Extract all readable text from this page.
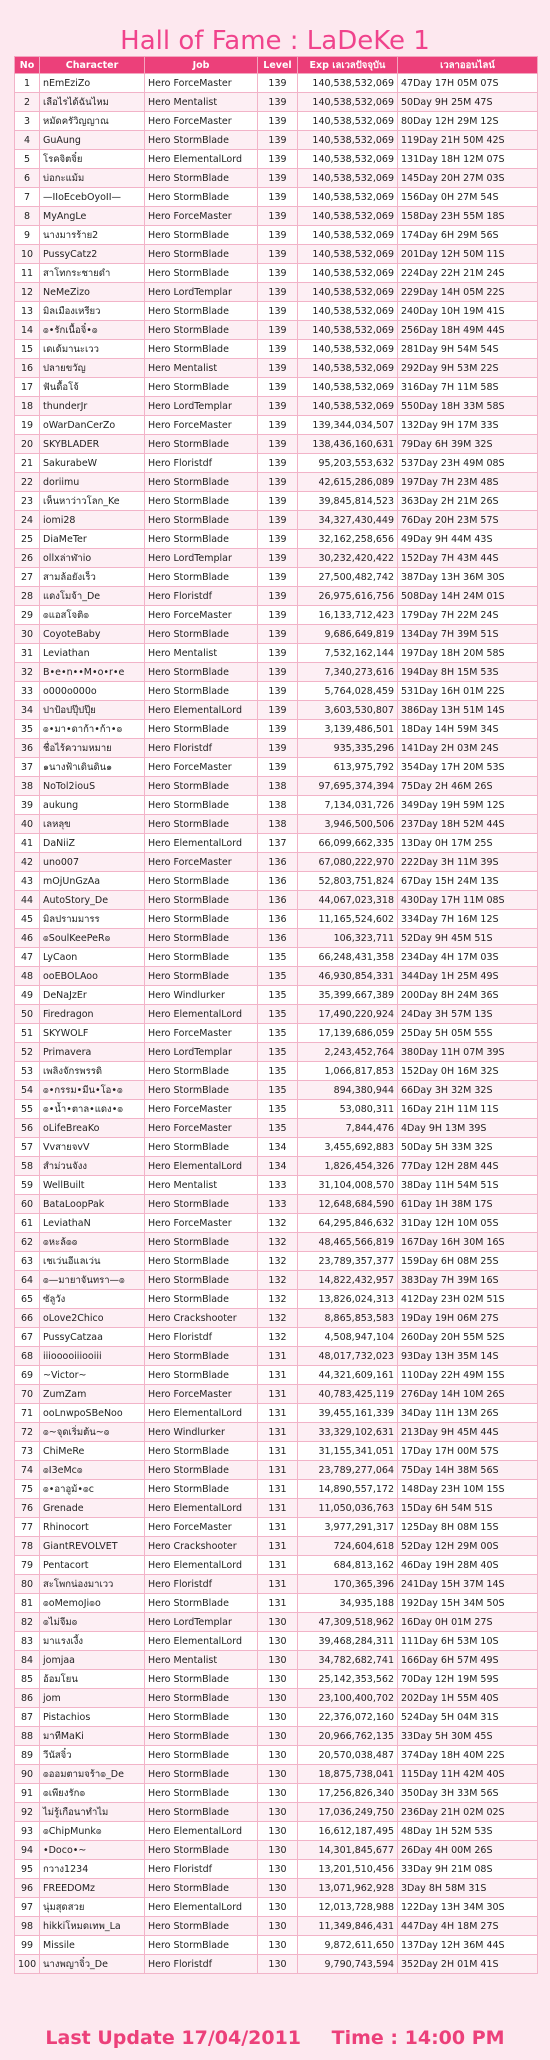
Hall of Fame : LaDeKe 1
No	Character	Job	Level	Exp เลเวลปัจจุบัน	เวลาออนไลน์
1	nEmEziZo	Hero ForceMaster	139	140,538,532,069	47Day 17H 05M 07S
2	เลือไรได้ฉันไหม	Hero Mentalist	139	140,538,532,069	50Day 9H 25M 47S
3	หมัดครัวิญญาณ	Hero ForceMaster	139	140,538,532,069	80Day 12H 29M 12S
4	GuAung	Hero StormBlade	139	140,538,532,069	119Day 21H 50M 42S
5	โรคจิตจิ๋ย	Hero ElementalLord	139	140,538,532,069	131Day 18H 12M 07S
6	บ่อกะแม้ม	Hero StormBlade	139	140,538,532,069	145Day 20H 27M 03S
7	—IIoEcebOyoII—	Hero StormBlade	139	140,538,532,069	156Day 0H 27M 54S
8	MyAngLe	Hero ForceMaster	139	140,538,532,069	158Day 23H 55M 18S
9	นางมารร้าย2	Hero StormBlade	139	140,538,532,069	174Day 6H 29M 56S
10	PussyCatz2	Hero StormBlade	139	140,538,532,069	201Day 12H 50M 11S
11	สาโทกระชายดำ	Hero StormBlade	139	140,538,532,069	224Day 22H 21M 24S
12	NeMeZizo	Hero LordTemplar	139	140,538,532,069	229Day 14H 05M 22S
13	มิลเมืองเหรียว	Hero StormBlade	139	140,538,532,069	240Day 10H 19M 41S
14	๏•รักเนื้อจิ๋•๏	Hero StormBlade	139	140,538,532,069	256Day 18H 49M 44S
15	เดเด้มานะเวว	Hero StormBlade	139	140,538,532,069	281Day 9H 54M 54S
16	ปลายขวัญ	Hero Mentalist	139	140,538,532,069	292Day 9H 53M 22S
17	ฟันดื้อโจ้	Hero StormBlade	139	140,538,532,069	316Day 7H 11M 58S
18	thunderJr	Hero LordTemplar	139	140,538,532,069	550Day 18H 33M 58S
19	oWarDanCerZo	Hero ForceMaster	139	139,344,034,507	132Day 9H 17M 33S
20	SKYBLADER	Hero StormBlade	139	138,436,160,631	79Day 6H 39M 32S
21	SakurabeW	Hero Floristdf	139	95,203,553,632	537Day 23H 49M 08S
22	doriimu	Hero StormBlade	139	42,615,286,089	197Day 7H 23M 48S
23	เห็นหาว่าวโลก_Ke	Hero StormBlade	139	39,845,814,523	363Day 2H 21M 26S
24	iomi28	Hero StormBlade	139	34,327,430,449	76Day 20H 23M 57S
25	DiaMeTer	Hero StormBlade	139	32,162,258,656	49Day 9H 44M 43S
26	ollxล่าฬ่าio	Hero LordTemplar	139	30,232,420,422	152Day 7H 43M 44S
27	สามล้อยังเร็ว	Hero StormBlade	139	27,500,482,742	387Day 13H 36M 30S
28	แดงโมจ้า_De	Hero Floristdf	139	26,975,616,756	508Day 14H 24M 01S
29	๏แอสโจติ๏	Hero ForceMaster	139	16,133,712,423	179Day 7H 22M 24S
30	CoyoteBaby	Hero StormBlade	139	9,686,649,819	134Day 7H 39M 51S
31	Leviathan	Hero Mentalist	139	7,532,162,144	197Day 18H 20M 58S
32	B•e•n••M•o•r•e	Hero StormBlade	139	7,340,273,616	194Day 8H 15M 53S
33	o000o000o	Hero StormBlade	139	5,764,028,459	531Day 16H 01M 22S
34	ปาป้อปปุ๊ปปุ๊ย	Hero ElementalLord	139	3,603,530,807	386Day 13H 51M 14S
35	๏•มา•ดาก้า•ก้า•๏	Hero StormBlade	139	3,139,486,501	18Day 14H 59M 34S
36	ชื่อไร้ความหมาย	Hero Floristdf	139	935,335,296	141Day 2H 03M 24S
37	๑นางฟ้าเดินดิน๑	Hero ForceMaster	139	613,975,792	354Day 17H 20M 53S
38	NoTol2iouS	Hero StormBlade	138	97,695,374,394	75Day 2H 46M 26S
39	aukung	Hero StormBlade	138	7,134,031,726	349Day 19H 59M 12S
40	เลหลุข	Hero StormBlade	138	3,946,500,506	237Day 18H 52M 44S
41	DaNiiZ	Hero ElementalLord	137	66,099,662,335	13Day 0H 17M 25S
42	uno007	Hero ForceMaster	136	67,080,222,970	222Day 3H 11M 39S
43	mOjUnGzAa	Hero StormBlade	136	52,803,751,824	67Day 15H 24M 13S
44	AutoStory_De	Hero StormBlade	136	44,067,023,318	430Day 17H 11M 08S
45	มิลปรามมารร	Hero StormBlade	136	11,165,524,602	334Day 7H 16M 12S
46	๏SoulKeePeR๏	Hero StormBlade	136	106,323,711	52Day 9H 45M 51S
47	LyCaon	Hero StormBlade	135	66,248,431,358	234Day 4H 17M 03S
48	ooEBOLAoo	Hero StormBlade	135	46,930,854,331	344Day 1H 25M 49S
49	DeNaJzEr	Hero Windlurker	135	35,399,667,389	200Day 8H 24M 36S
50	Firedragon	Hero ElementalLord	135	17,490,220,924	24Day 3H 57M 13S
51	SKYWOLF	Hero ForceMaster	135	17,139,686,059	25Day 5H 05M 55S
52	Primavera	Hero LordTemplar	135	2,243,452,764	380Day 11H 07M 39S
53	เพลิงจักรพรรดิ	Hero StormBlade	135	1,066,817,853	152Day 0H 16M 32S
54	๏•กรรม•มีน•โอ•๏	Hero StormBlade	135	894,380,944	66Day 3H 32M 32S
55	๏•น้ำ•ตาล•แดง•๏	Hero ForceMaster	135	53,080,311	16Day 21H 11M 11S
56	oLifeBreaKo	Hero ForceMaster	135	7,844,476	4Day 9H 13M 39S
57	VvสายจvV	Hero StormBlade	134	3,455,692,883	50Day 5H 33M 32S
58	สำม่วนจังง	Hero ElementalLord	134	1,826,454,326	77Day 12H 28M 44S
59	WellBuilt	Hero Mentalist	133	31,104,008,570	38Day 11H 54M 51S
60	BataLoopPak	Hero StormBlade	133	12,648,684,590	61Day 1H 38M 17S
61	LeviathaN	Hero ForceMaster	132	64,295,846,632	31Day 12H 10M 05S
62	๏หะล้๏๏	Hero StormBlade	132	48,465,566,819	167Day 16H 30M 16S
63	เชเว่นอีแลเว่น	Hero StormBlade	132	23,789,357,377	159Day 6H 08M 25S
64	๏—มายาจันทรา—๏	Hero StormBlade	132	14,822,432,957	383Day 7H 39M 16S
65	ซัลูวัง	Hero StormBlade	132	13,826,024,313	412Day 23H 02M 51S
66	oLove2Chico	Hero Crackshooter	132	8,865,853,583	19Day 19H 06M 27S
67	PussyCatzaa	Hero Floristdf	132	4,508,947,104	260Day 20H 55M 52S
68	iiiooooiiiooiii	Hero StormBlade	131	48,017,732,023	93Day 13H 35M 14S
69	~Victor~	Hero StormBlade	131	44,321,609,161	110Day 22H 49M 15S
70	ZumZam	Hero ForceMaster	131	40,783,425,119	276Day 14H 10M 26S
71	ooLnwpoSBeNoo	Hero ElementalLord	131	39,455,161,339	34Day 11H 13M 26S
72	๏~จุดเริ่มต้น~๏	Hero Windlurker	131	33,329,102,631	213Day 9H 45M 44S
73	ChiMeRe	Hero StormBlade	131	31,155,341,051	17Day 17H 00M 57S
74	๏I3eMc๏	Hero StormBlade	131	23,789,277,064	75Day 14H 38M 56S
75	๏•อาอูม้•๏c	Hero StormBlade	131	14,890,557,172	148Day 23H 10M 15S
76	Grenade	Hero ElementalLord	131	11,050,036,763	15Day 6H 54M 51S
77	Rhinocort	Hero ForceMaster	131	3,977,291,317	125Day 8H 08M 15S
78	GiantREVOLVET	Hero Crackshooter	131	724,604,618	52Day 12H 29M 00S
79	Pentacort	Hero ElementalLord	131	684,813,162	46Day 19H 28M 40S
80	สะโพกน่องมาเวว	Hero Floristdf	131	170,365,396	241Day 15H 37M 14S
81	๏oMemoJi๏o	Hero StormBlade	131	34,935,188	192Day 15H 34M 50S
82	๏ไม่จีม๏	Hero LordTemplar	130	47,309,518,962	16Day 0H 01M 27S
83	มาแรงเงี้ง	Hero ElementalLord	130	39,468,284,311	111Day 6H 53M 10S
84	jomjaa	Hero Mentalist	130	34,782,682,741	166Day 6H 57M 49S
85	อ้อมโยน	Hero StormBlade	130	25,142,353,562	70Day 12H 19M 59S
86	jom	Hero StormBlade	130	23,100,400,702	202Day 1H 55M 40S
87	Pistachios	Hero StormBlade	130	22,376,072,160	524Day 5H 04M 31S
88	มาทีMaKi	Hero StormBlade	130	20,966,762,135	33Day 5H 30M 45S
89	วีนัสจิ๋ว	Hero StormBlade	130	20,570,038,487	374Day 18H 40M 22S
90	๏ออมตามจร้า๏_De	Hero StormBlade	130	18,875,738,041	115Day 11H 42M 40S
91	๏เพียงรัก๏	Hero StormBlade	130	17,256,826,340	350Day 3H 33M 56S
92	ไม่รู้เกือนาทำไม	Hero StormBlade	130	17,036,249,750	236Day 21H 02M 02S
93	๏ChipMunk๏	Hero ElementalLord	130	16,612,187,495	48Day 1H 52M 53S
94	•Doco•~	Hero StormBlade	130	14,301,845,677	26Day 4H 00M 26S
95	กวาง1234	Hero Floristdf	130	13,201,510,456	33Day 9H 21M 08S
96	FREEDOMz	Hero StormBlade	130	13,071,962,928	3Day 8H 58M 31S
97	นุ่มสุดสวย	Hero ElementalLord	130	12,013,728,988	122Day 13H 34M 30S
98	hikkiโหมดเทพ_La	Hero StormBlade	130	11,349,846,431	447Day 4H 18M 27S
99	Missile	Hero StormBlade	130	9,872,611,650	137Day 12H 36M 44S
100	นางพญาจิ๋ว_De	Hero Floristdf	130	9,790,743,594	352Day 2H 01M 41S
Last Update 17/04/2011 Time : 14:00 PM
